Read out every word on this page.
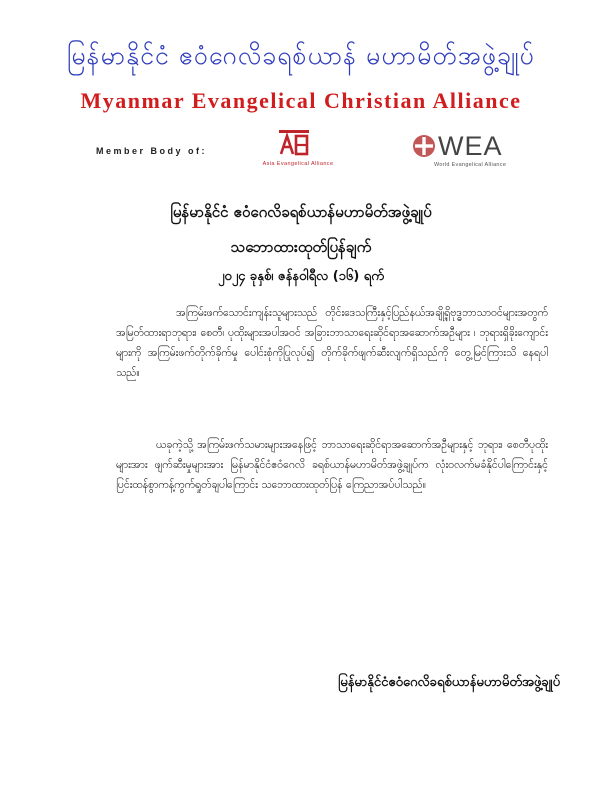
မြန်မာနိုင်ငံ ဧဝံဂေလိခရစ်ယာန် မဟာမိတ်အဖွဲ့ချုပ်
Myanmar Evangelical Christian Alliance
Member Body of:
Asia Evangelical Alliance
WEA
World Evangelical Alliance
မြန်မာနိုင်ငံ ဧဝံဂေလိခရစ်ယာန်မဟာမိတ်အဖွဲ့ချုပ်
သဘောထားထုတ်ပြန်ချက်
၂၀၂၄ ခုနှစ်၊ ဇန်နဝါရီလ (၁၆) ရက်

အကြမ်းဖက်သောင်းကျန်းသူများသည် တိုင်းဒေသကြီးနှင့်ပြည်နယ်အချို့ရှိဗုဒ္ဓဘာသာဝင်များအတွက်အမြတ်ထားရာဘုရား၊ စေတီ၊ ပုထိုးများအပါအဝင် အခြားဘာသာရေးဆိုင်ရာအဆောက်အဦများ ၊ ဘုရားရှိခိုးကျောင်းများကို အကြမ်းဖက်တိုက်ခိုက်မှု ပေါင်းစုံကိုပြုလုပ်၍ တိုက်ခိုက်ဖျက်ဆီးလျက်ရှိသည်ကို တွေ့မြင်ကြားသိ နေရပါ သည်။

ယခုကဲ့သို့ အကြမ်းဖက်သမားများအနေဖြင့် ဘာသာရေးဆိုင်ရာအဆောက်အဦများနှင့် ဘုရား၊ စေတီပုထိုးများအား ဖျက်ဆီးမှုများအား မြန်မာနိုင်ငံဧဝံဂေလိ ခရစ်ယာန်မဟာမိတ်အဖွဲ့ချုပ်က လုံးဝလက်မခံနိုင်ပါကြောင်းနှင့် ပြင်းထန်စွာကန့်ကွက်ရှုတ်ချပါကြောင်း သဘောထားထုတ်ပြန် ကြေညာအပ်ပါသည်။

မြန်မာနိုင်ငံဧဝံဂေလိခရစ်ယာန်မဟာမိတ်အဖွဲ့ချုပ်
